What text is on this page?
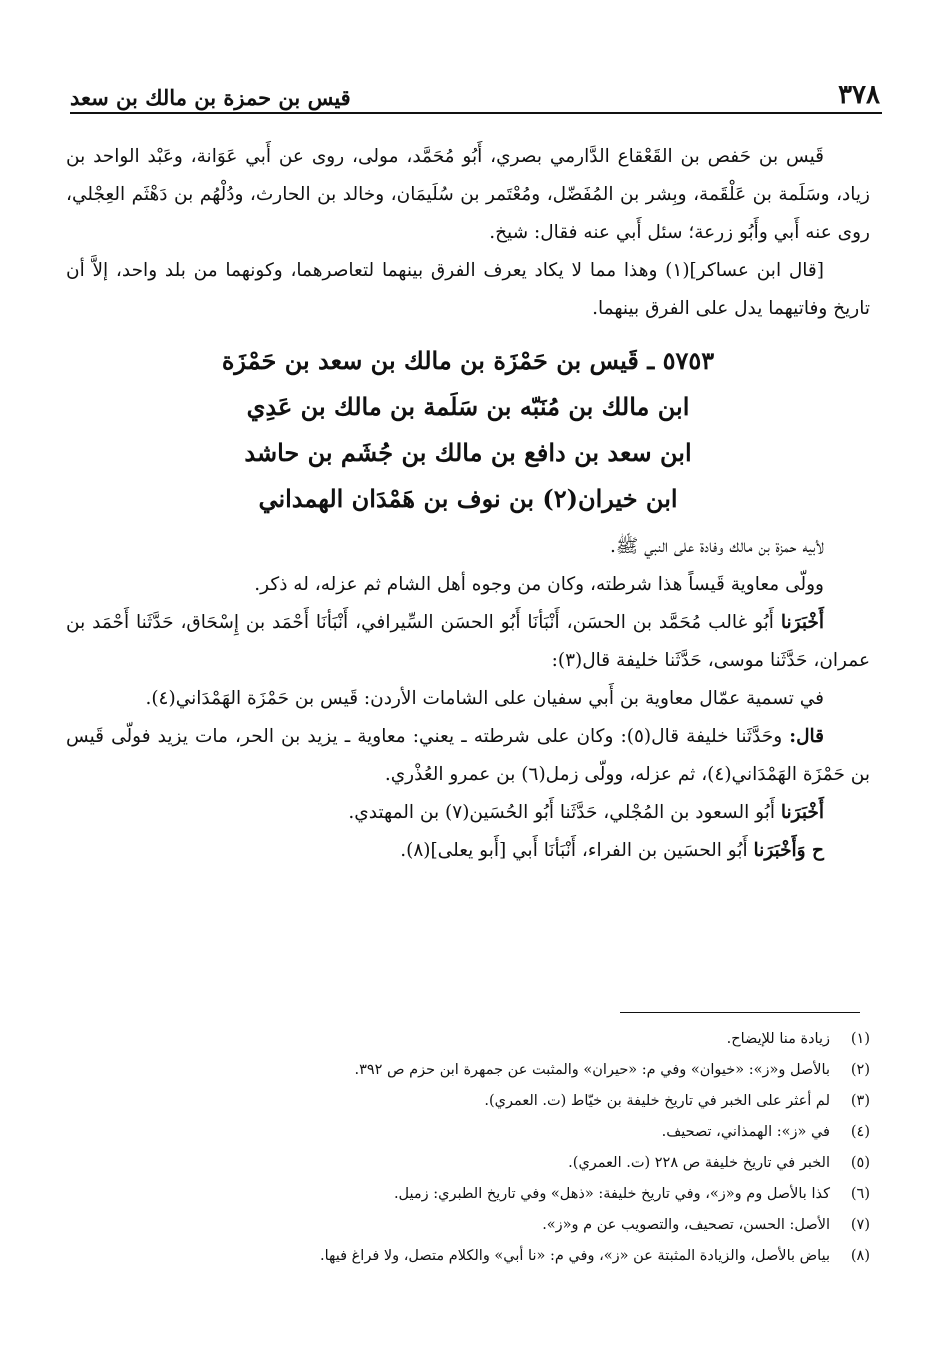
٣٧٨
قيس بن حمزة بن مالك بن سعد

قَيس بن حَفص بن القَعْقاع الدَّارمي بصري، أَبُو مُحَمَّد، مولى، روى عن أَبي عَوَانة، وعَبْد الواحد بن زياد، وسَلَمة بن عَلْقَمة، وبِشر بن المُفَضّل، ومُعْتَمر بن سُلَيمَان، وخالد بن الحارث، ودُلْهُم بن دَهْثَم العِجْلي، روى عنه أَبي وأَبُو زرعة؛ سئل أَبي عنه فقال: شيخ.

[قال ابن عساكر](١) وهذا مما لا يكاد يعرف الفرق بينهما لتعاصرهما، وكونهما من بلد واحد، إلاَّ أن تاريخ وفاتيهما يدل على الفرق بينهما.

٥٧٥٣ ـ قَيس بن حَمْزَة بن مالك بن سعد بن حَمْزَة
ابن مالك بن مُنَبّه بن سَلَمة بن مالك بن عَدِي
ابن سعد بن دافع بن مالك بن جُشَم بن حاشد
ابن خيران(٢) بن نوف بن هَمْدَان الهمداني

لأبيه حمزة بن مالك وفادة على النبي ﷺ.

وولّى معاوية قَيساً هذا شرطته، وكان من وجوه أهل الشام ثم عزله، له ذكر.

أَخْبَرَنا أَبُو غالب مُحَمَّد بن الحسَن، أَنْبَأنَا أَبُو الحسَن السِّيرافي، أَنْبَأنَا أَحْمَد بن إِسْحَاق، حَدَّثَنا أَحْمَد بن عمران، حَدَّثَنا موسى، حَدَّثَنا خليفة قال(٣):

في تسمية عمّال معاوية بن أَبي سفيان على الشامات الأردن: قَيس بن حَمْزَة الهَمْدَاني(٤).

قال: وحَدَّثَنا خليفة قال(٥): وكان على شرطته ـ يعني: معاوية ـ يزيد بن الحر، مات يزيد فولّى قَيس بن حَمْزَة الهَمْدَاني(٤)، ثم عزله، وولّى زمل(٦) بن عمرو العُذْري.

أَخْبَرَنا أَبُو السعود بن المُجْلي، حَدَّثَنا أَبُو الحُسَين(٧) بن المهتدي.

ح وَأَخْبَرَنا أَبُو الحسَين بن الفراء، أَنْبَأنَا أَبي [أَبو يعلى](٨).

(١)زيادة منا للإيضاح.

(٢)بالأصل و«ز»: «خيوان» وفي م: «حيران» والمثبت عن جمهرة ابن حزم ص ٣٩٢.

(٣)لم أعثر على الخبر في تاريخ خليفة بن خيّاط (ت. العمري).

(٤)في «ز»: الهمذاني، تصحيف.

(٥)الخبر في تاريخ خليفة ص ٢٢٨ (ت. العمري).

(٦)كذا بالأصل وم و«ز»، وفي تاريخ خليفة: «ذهل» وفي تاريخ الطبري: زميل.

(٧)الأصل: الحسن، تصحيف، والتصويب عن م و«ز».

(٨)بياض بالأصل، والزيادة المثبتة عن «ز»، وفي م: «نا أبي» والكلام متصل، ولا فراغ فيها.
